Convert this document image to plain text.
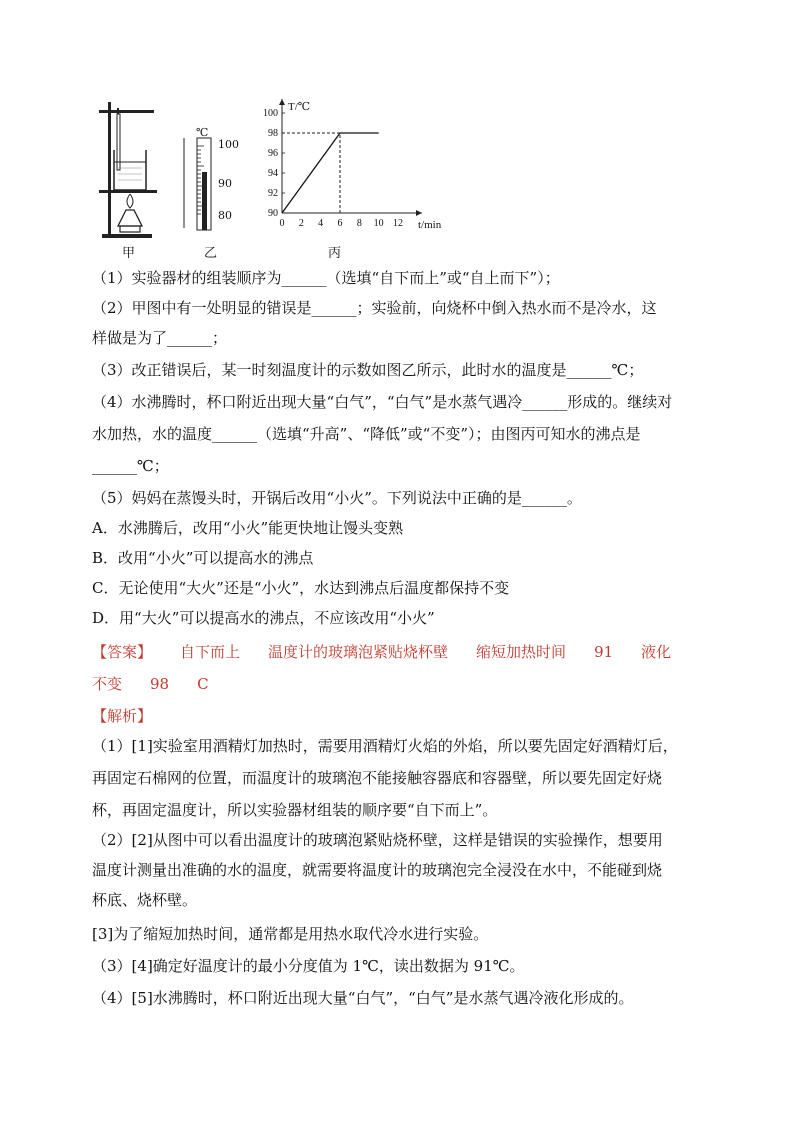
甲
℃
100
90
80
乙
100
98
96
94
92
90
0 2 4 6 8 10 12
T/℃
t/min
丙
（1）实验器材的组装顺序为______（选填“自下而上”或“自上而下”）；
（2）甲图中有一处明显的错误是______；实验前，向烧杯中倒入热水而不是冷水，这
样做是为了______；
（3）改正错误后，某一时刻温度计的示数如图乙所示，此时水的温度是______℃；
（4）水沸腾时，杯口附近出现大量“白气”，“白气”是水蒸气遇冷______形成的。继续对
水加热，水的温度______（选填“升高”、“降低”或“不变”）；由图丙可知水的沸点是
______℃；
（5）妈妈在蒸馒头时，开锅后改用“小火”。下列说法中正确的是______。
A．水沸腾后，改用“小火”能更快地让馒头变熟
B．改用“小火”可以提高水的沸点
C．无论使用“大火”还是“小火”，水达到沸点后温度都保持不变
D．用“大火”可以提高水的沸点，不应该改用“小火”
【答案】 自下而上 温度计的玻璃泡紧贴烧杯壁 缩短加热时间 91 液化
不变 98 C
【解析】
（1）[1]实验室用酒精灯加热时，需要用酒精灯火焰的外焰，所以要先固定好酒精灯后，
再固定石棉网的位置，而温度计的玻璃泡不能接触容器底和容器壁，所以要先固定好烧
杯，再固定温度计，所以实验器材组装的顺序要“自下而上”。
（2）[2]从图中可以看出温度计的玻璃泡紧贴烧杯壁，这样是错误的实验操作，想要用
温度计测量出准确的水的温度，就需要将温度计的玻璃泡完全浸没在水中，不能碰到烧
杯底、烧杯壁。
[3]为了缩短加热时间，通常都是用热水取代冷水进行实验。
（3）[4]确定好温度计的最小分度值为 1℃，读出数据为 91℃。
（4）[5]水沸腾时，杯口附近出现大量“白气”，“白气”是水蒸气遇冷液化形成的。
